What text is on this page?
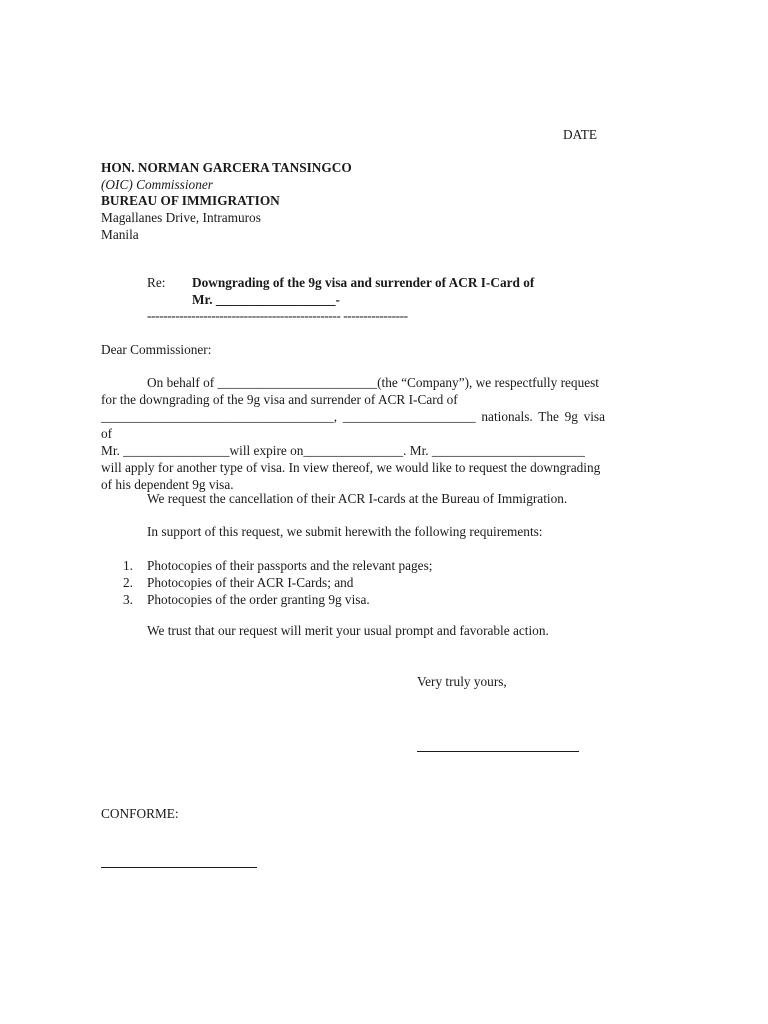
DATE
HON. NORMAN GARCERA TANSINGCO
(OIC) Commissioner
BUREAU OF IMMIGRATION
Magallanes Drive, Intramuros
Manila
Re: Downgrading of the 9g visa and surrender of ACR I-Card of
Mr. __________________-
------------------------------------------------ ----------------
Dear Commissioner:
On behalf of ________________________(the “Company”), we respectfully request
for the downgrading of the 9g visa and surrender of ACR I-Card of
___________________________________, ____________________ nationals. The 9g visa of
Mr. ________________will expire on_______________. Mr. _______________________
will apply for another type of visa. In view thereof, we would like to request the downgrading
of his dependent 9g visa.
We request the cancellation of their ACR I-cards at the Bureau of Immigration.
In support of this request, we submit herewith the following requirements:
1. Photocopies of their passports and the relevant pages;
2. Photocopies of their ACR I-Cards; and
3. Photocopies of the order granting 9g visa.
We trust that our request will merit your usual prompt and favorable action.
Very truly yours,
CONFORME:
